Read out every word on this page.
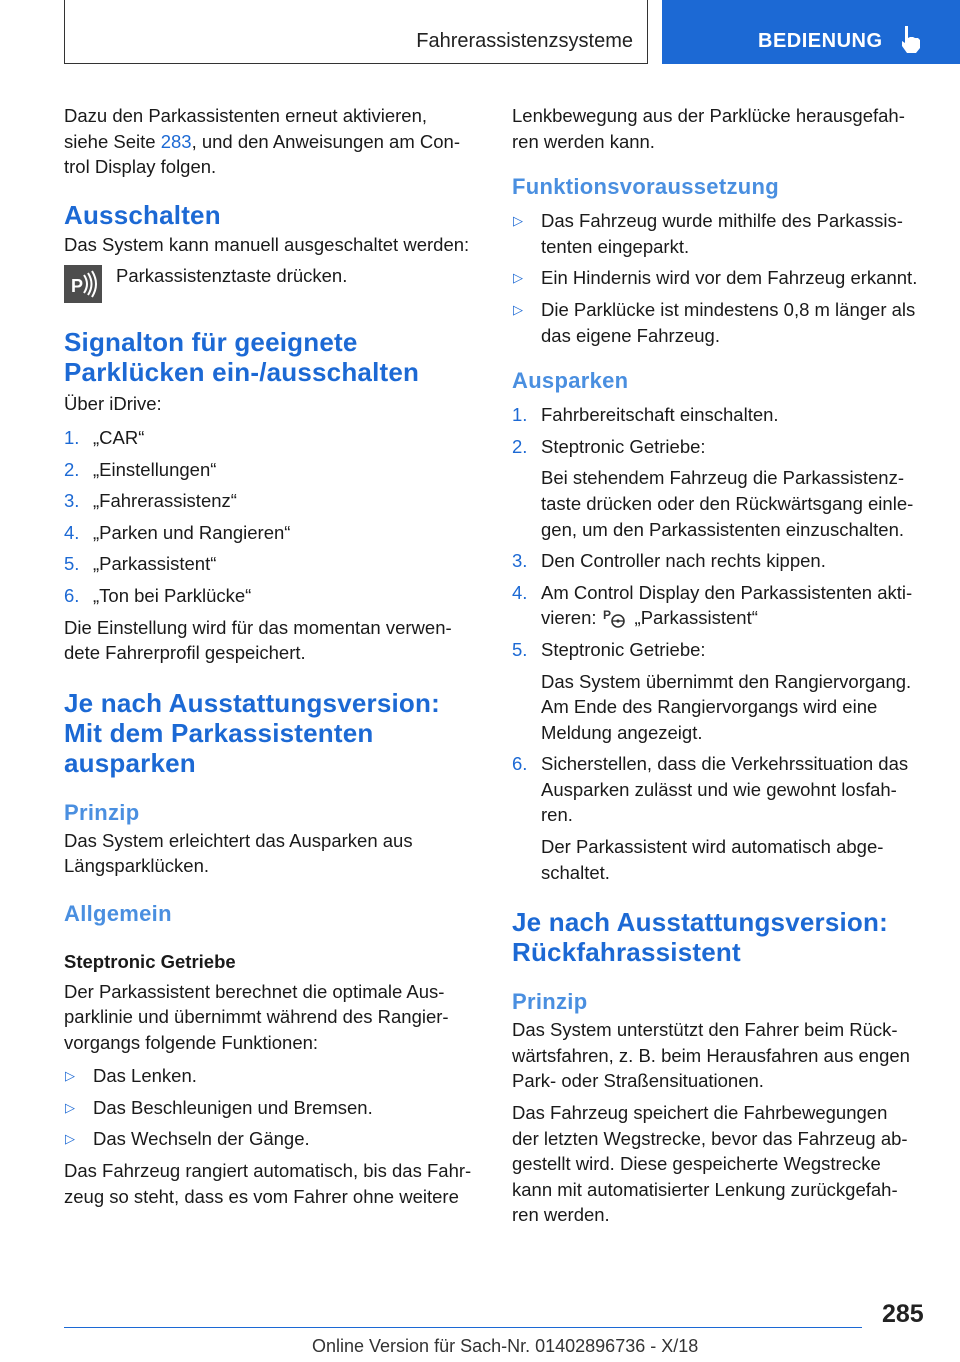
Fahrerassistenzsysteme	BEDIENUNG

Dazu den Parkassistenten erneut aktivieren,
siehe Seite 283, und den Anweisungen am Con-
trol Display folgen.

Ausschalten

Das System kann manuell ausgeschaltet werden:

P Parkassistenztaste drücken.
Signalton für geeignete
Parklücken ein-/ausschalten

Über iDrive:

1. „CAR“
2. „Einstellungen“
3. „Fahrerassistenz“
4. „Parken und Rangieren“
5. „Parkassistent“
6. „Ton bei Parklücke“

Die Einstellung wird für das momentan verwen-
dete Fahrerprofil gespeichert.

Je nach Ausstattungsversion:
Mit dem Parkassistenten
ausparken
Prinzip

Das System erleichtert das Ausparken aus
Längsparklücken.

Allgemein
Steptronic Getriebe

Der Parkassistent berechnet die optimale Aus-
parklinie und übernimmt während des Rangier-
vorgangs folgende Funktionen:

▷ Das Lenken.
▷ Das Beschleunigen und Bremsen.
▷ Das Wechseln der Gänge.

Das Fahrzeug rangiert automatisch, bis das Fahr-
zeug so steht, dass es vom Fahrer ohne weitere

Lenkbewegung aus der Parklücke herausgefah-
ren werden kann.

Funktionsvoraussetzung
▷ Das Fahrzeug wurde mithilfe des Parkassis-
tenten eingeparkt.
▷ Ein Hindernis wird vor dem Fahrzeug erkannt.
▷ Die Parklücke ist mindestens 0,8 m länger als
das eigene Fahrzeug.
Ausparken
1. Fahrbereitschaft einschalten.
2. Steptronic Getriebe:
Bei stehendem Fahrzeug die Parkassistenz-
taste drücken oder den Rückwärtsgang einle-
gen, um den Parkassistenten einzuschalten.
3. Den Controller nach rechts kippen.
4. Am Control Display den Parkassistenten akti-
vieren: P „Parkassistent“
5. Steptronic Getriebe:
Das System übernimmt den Rangiervorgang.
Am Ende des Rangiervorgangs wird eine
Meldung angezeigt.
6. Sicherstellen, dass die Verkehrssituation das
Ausparken zulässt und wie gewohnt losfah-
ren.
Der Parkassistent wird automatisch abge-
schaltet.
Je nach Ausstattungsversion:
Rückfahrassistent
Prinzip

Das System unterstützt den Fahrer beim Rück-
wärtsfahren, z. B. beim Herausfahren aus engen
Park- oder Straßensituationen.

Das Fahrzeug speichert die Fahrbewegungen
der letzten Wegstrecke, bevor das Fahrzeug ab-
gestellt wird. Diese gespeicherte Wegstrecke
kann mit automatisierter Lenkung zurückgefah-
ren werden.

285
Online Version für Sach-Nr. 01402896736 - X/18
